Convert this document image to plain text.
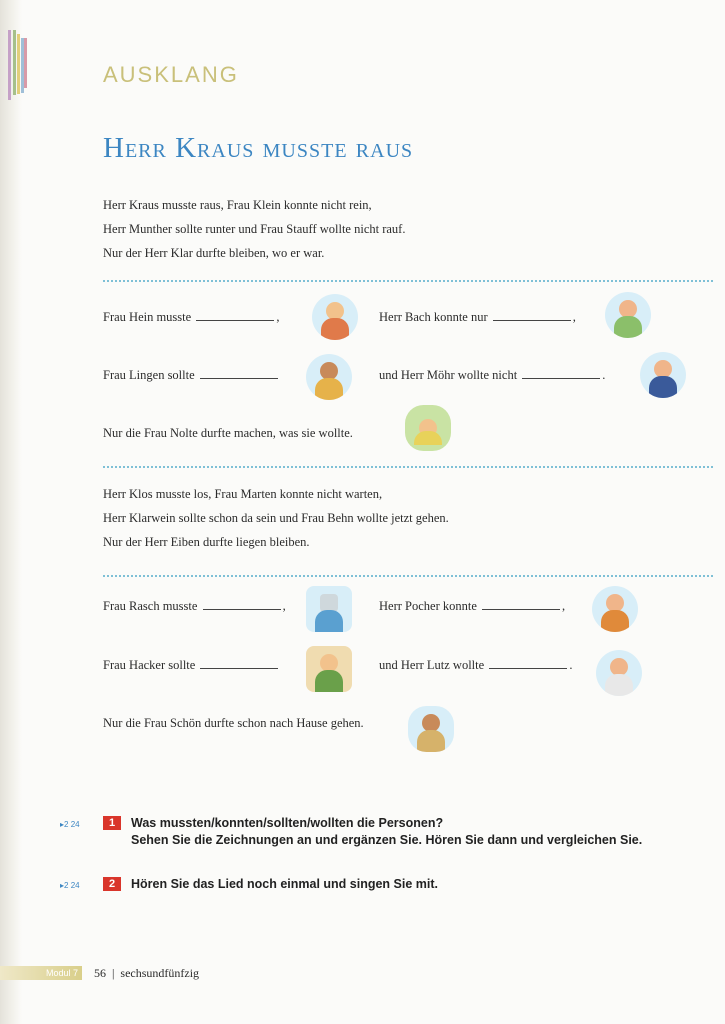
AUSKLANG
Herr Kraus musste raus
Herr Kraus musste raus, Frau Klein konnte nicht rein,
Herr Munther sollte runter und Frau Stauff wollte nicht rauf.
Nur der Herr Klar durfte bleiben, wo er war.
Frau Hein musste	,	Herr Bach konnte nur	,
Frau Lingen sollte	und Herr Möhr wollte nicht	.
Nur die Frau Nolte durfte machen, was sie wollte.
Herr Klos musste los, Frau Marten konnte nicht warten,
Herr Klarwein sollte schon da sein und Frau Behn wollte jetzt gehen.
Nur der Herr Eiben durfte liegen bleiben.
Frau Rasch musste	,	Herr Pocher konnte	,
Frau Hacker sollte	und Herr Lutz wollte	.
Nur die Frau Schön durfte schon nach Hause gehen.
▸2 24	1	Was mussten/konnten/sollten/wollten die Personen?
Sehen Sie die Zeichnungen an und ergänzen Sie. Hören Sie dann und vergleichen Sie.
▸2 24	2	Hören Sie das Lied noch einmal und singen Sie mit.
Modul 7	56 | sechsundfünfzig
